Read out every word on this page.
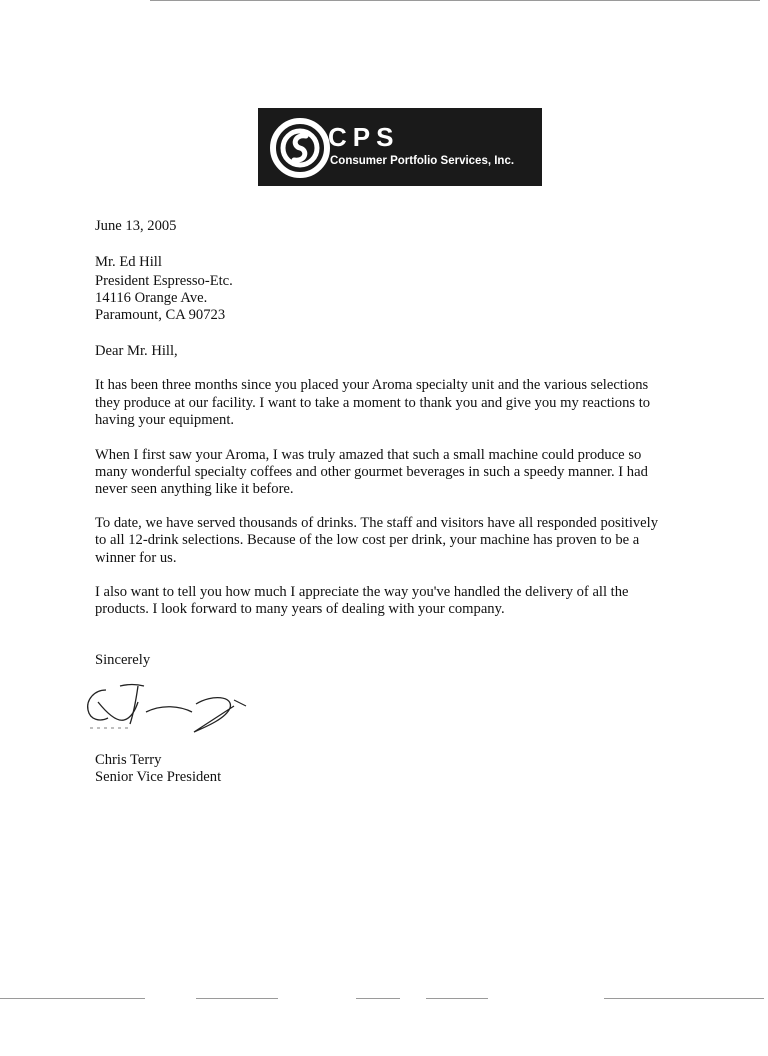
CPS
Consumer Portfolio Services, Inc.

June 13, 2005

Mr. Ed Hill

President Espresso-Etc.

14116 Orange Ave.

Paramount, CA 90723

Dear Mr. Hill,

It has been three months since you placed your Aroma specialty unit and the various selections

they produce at our facility. I want to take a moment to thank you and give you my reactions to

having your equipment.

When I first saw your Aroma, I was truly amazed that such a small machine could produce so

many wonderful specialty coffees and other gourmet beverages in such a speedy manner. I had

never seen anything like it before.

To date, we have served thousands of drinks. The staff and visitors have all responded positively

to all 12-drink selections. Because of the low cost per drink, your machine has proven to be a

winner for us.

I also want to tell you how much I appreciate the way you've handled the delivery of all the

products. I look forward to many years of dealing with your company.

Sincerely

Chris Terry

Senior Vice President
